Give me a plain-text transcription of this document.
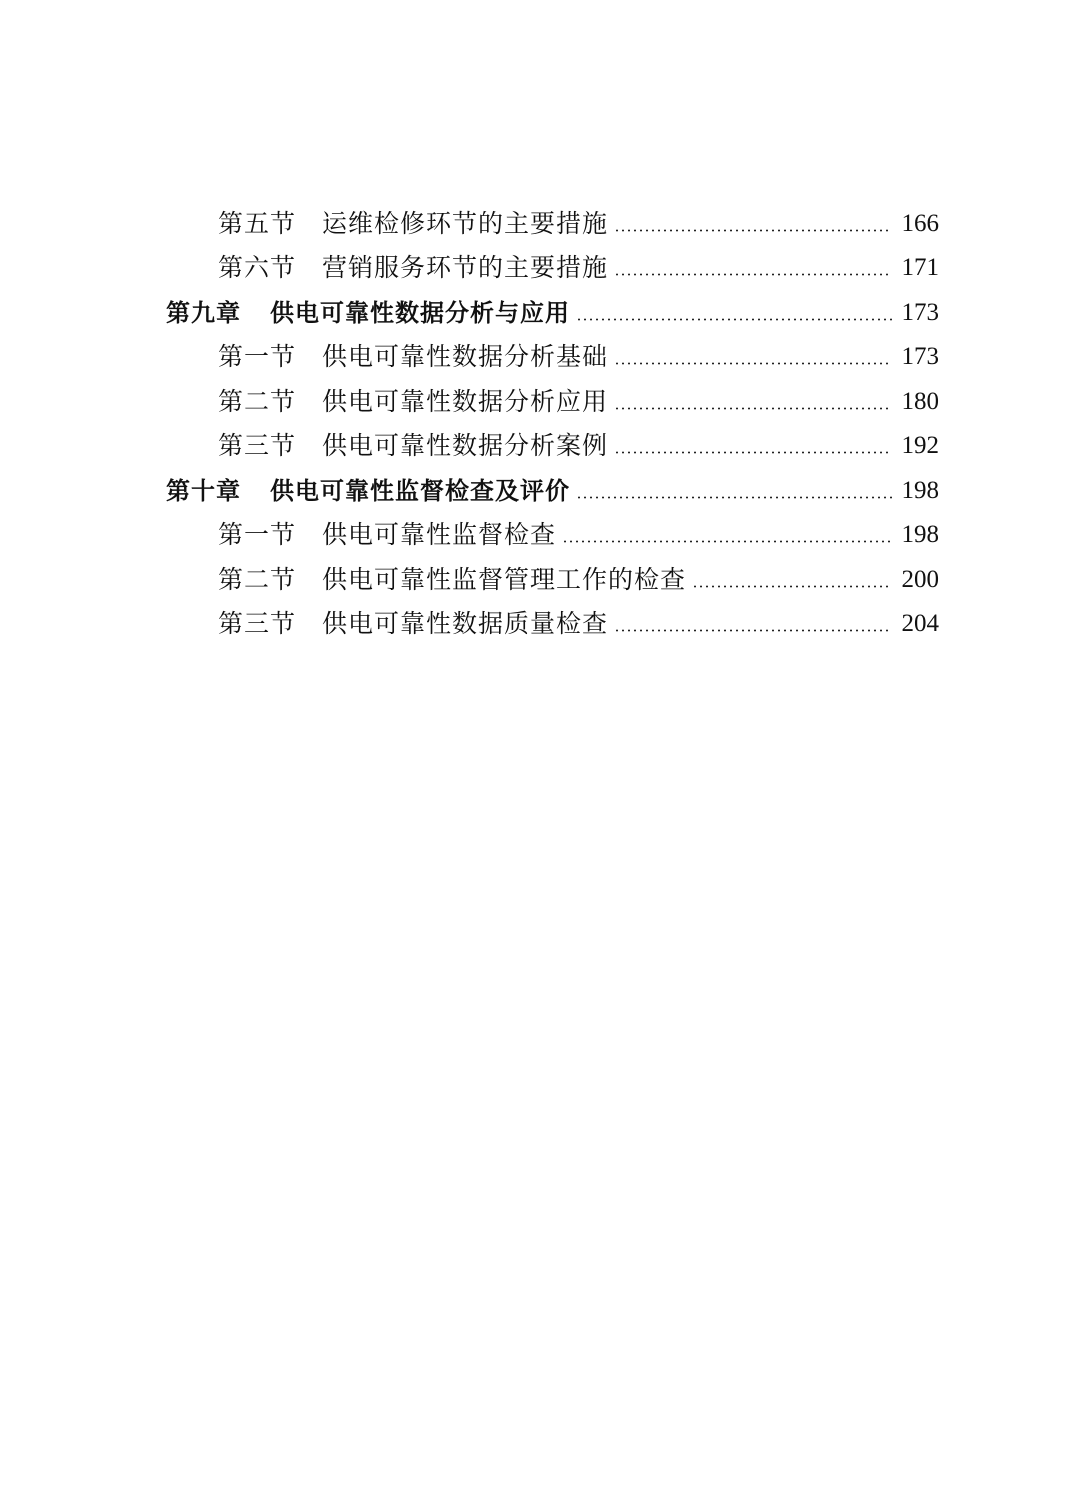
第五节 运维检修环节的主要措施	166
第六节 营销服务环节的主要措施	171
第九章 供电可靠性数据分析与应用	173
第一节 供电可靠性数据分析基础	173
第二节 供电可靠性数据分析应用	180
第三节 供电可靠性数据分析案例	192
第十章 供电可靠性监督检查及评价	198
第一节 供电可靠性监督检查	198
第二节 供电可靠性监督管理工作的检查	200
第三节 供电可靠性数据质量检查	204
